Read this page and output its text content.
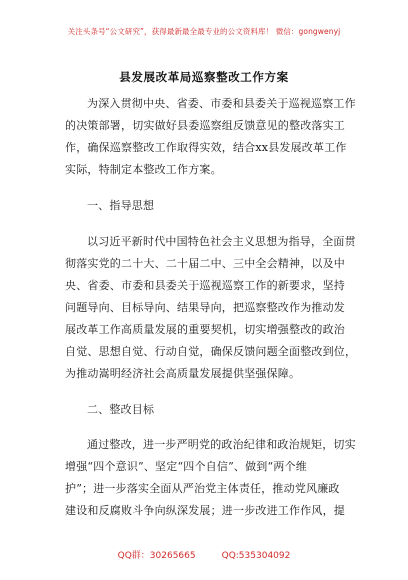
关注头条号“公文研究”，获得最新最全最专业的公文资料库！ 微信：gongwenyj
县发展改革局巡察整改工作方案
为深入贯彻中央、省委、市委和县委关于巡视巡察工作
的决策部署，切实做好县委巡察组反馈意见的整改落实工
作，确保巡察整改工作取得实效，结合xx县发展改革工作
实际，特制定本整改工作方案。
一、指导思想
以习近平新时代中国特色社会主义思想为指导，全面贯
彻落实党的二十大、二十届二中、三中全会精神，以及中
央、省委、市委和县委关于巡视巡察工作的新要求，坚持
问题导向、目标导向、结果导向，把巡察整改作为推动发
展改革工作高质量发展的重要契机，切实增强整改的政治
自觉、思想自觉、行动自觉，确保反馈问题全面整改到位，
为推动嵩明经济社会高质量发展提供坚强保障。
二、整改目标
通过整改，进一步严明党的政治纪律和政治规矩，切实
增强“四个意识”、坚定“四个自信”、做到“两个维
护”；进一步落实全面从严治党主体责任，推动党风廉政
建设和反腐败斗争向纵深发展；进一步改进工作作风，提
QQ群：30265665	QQ:535304092
